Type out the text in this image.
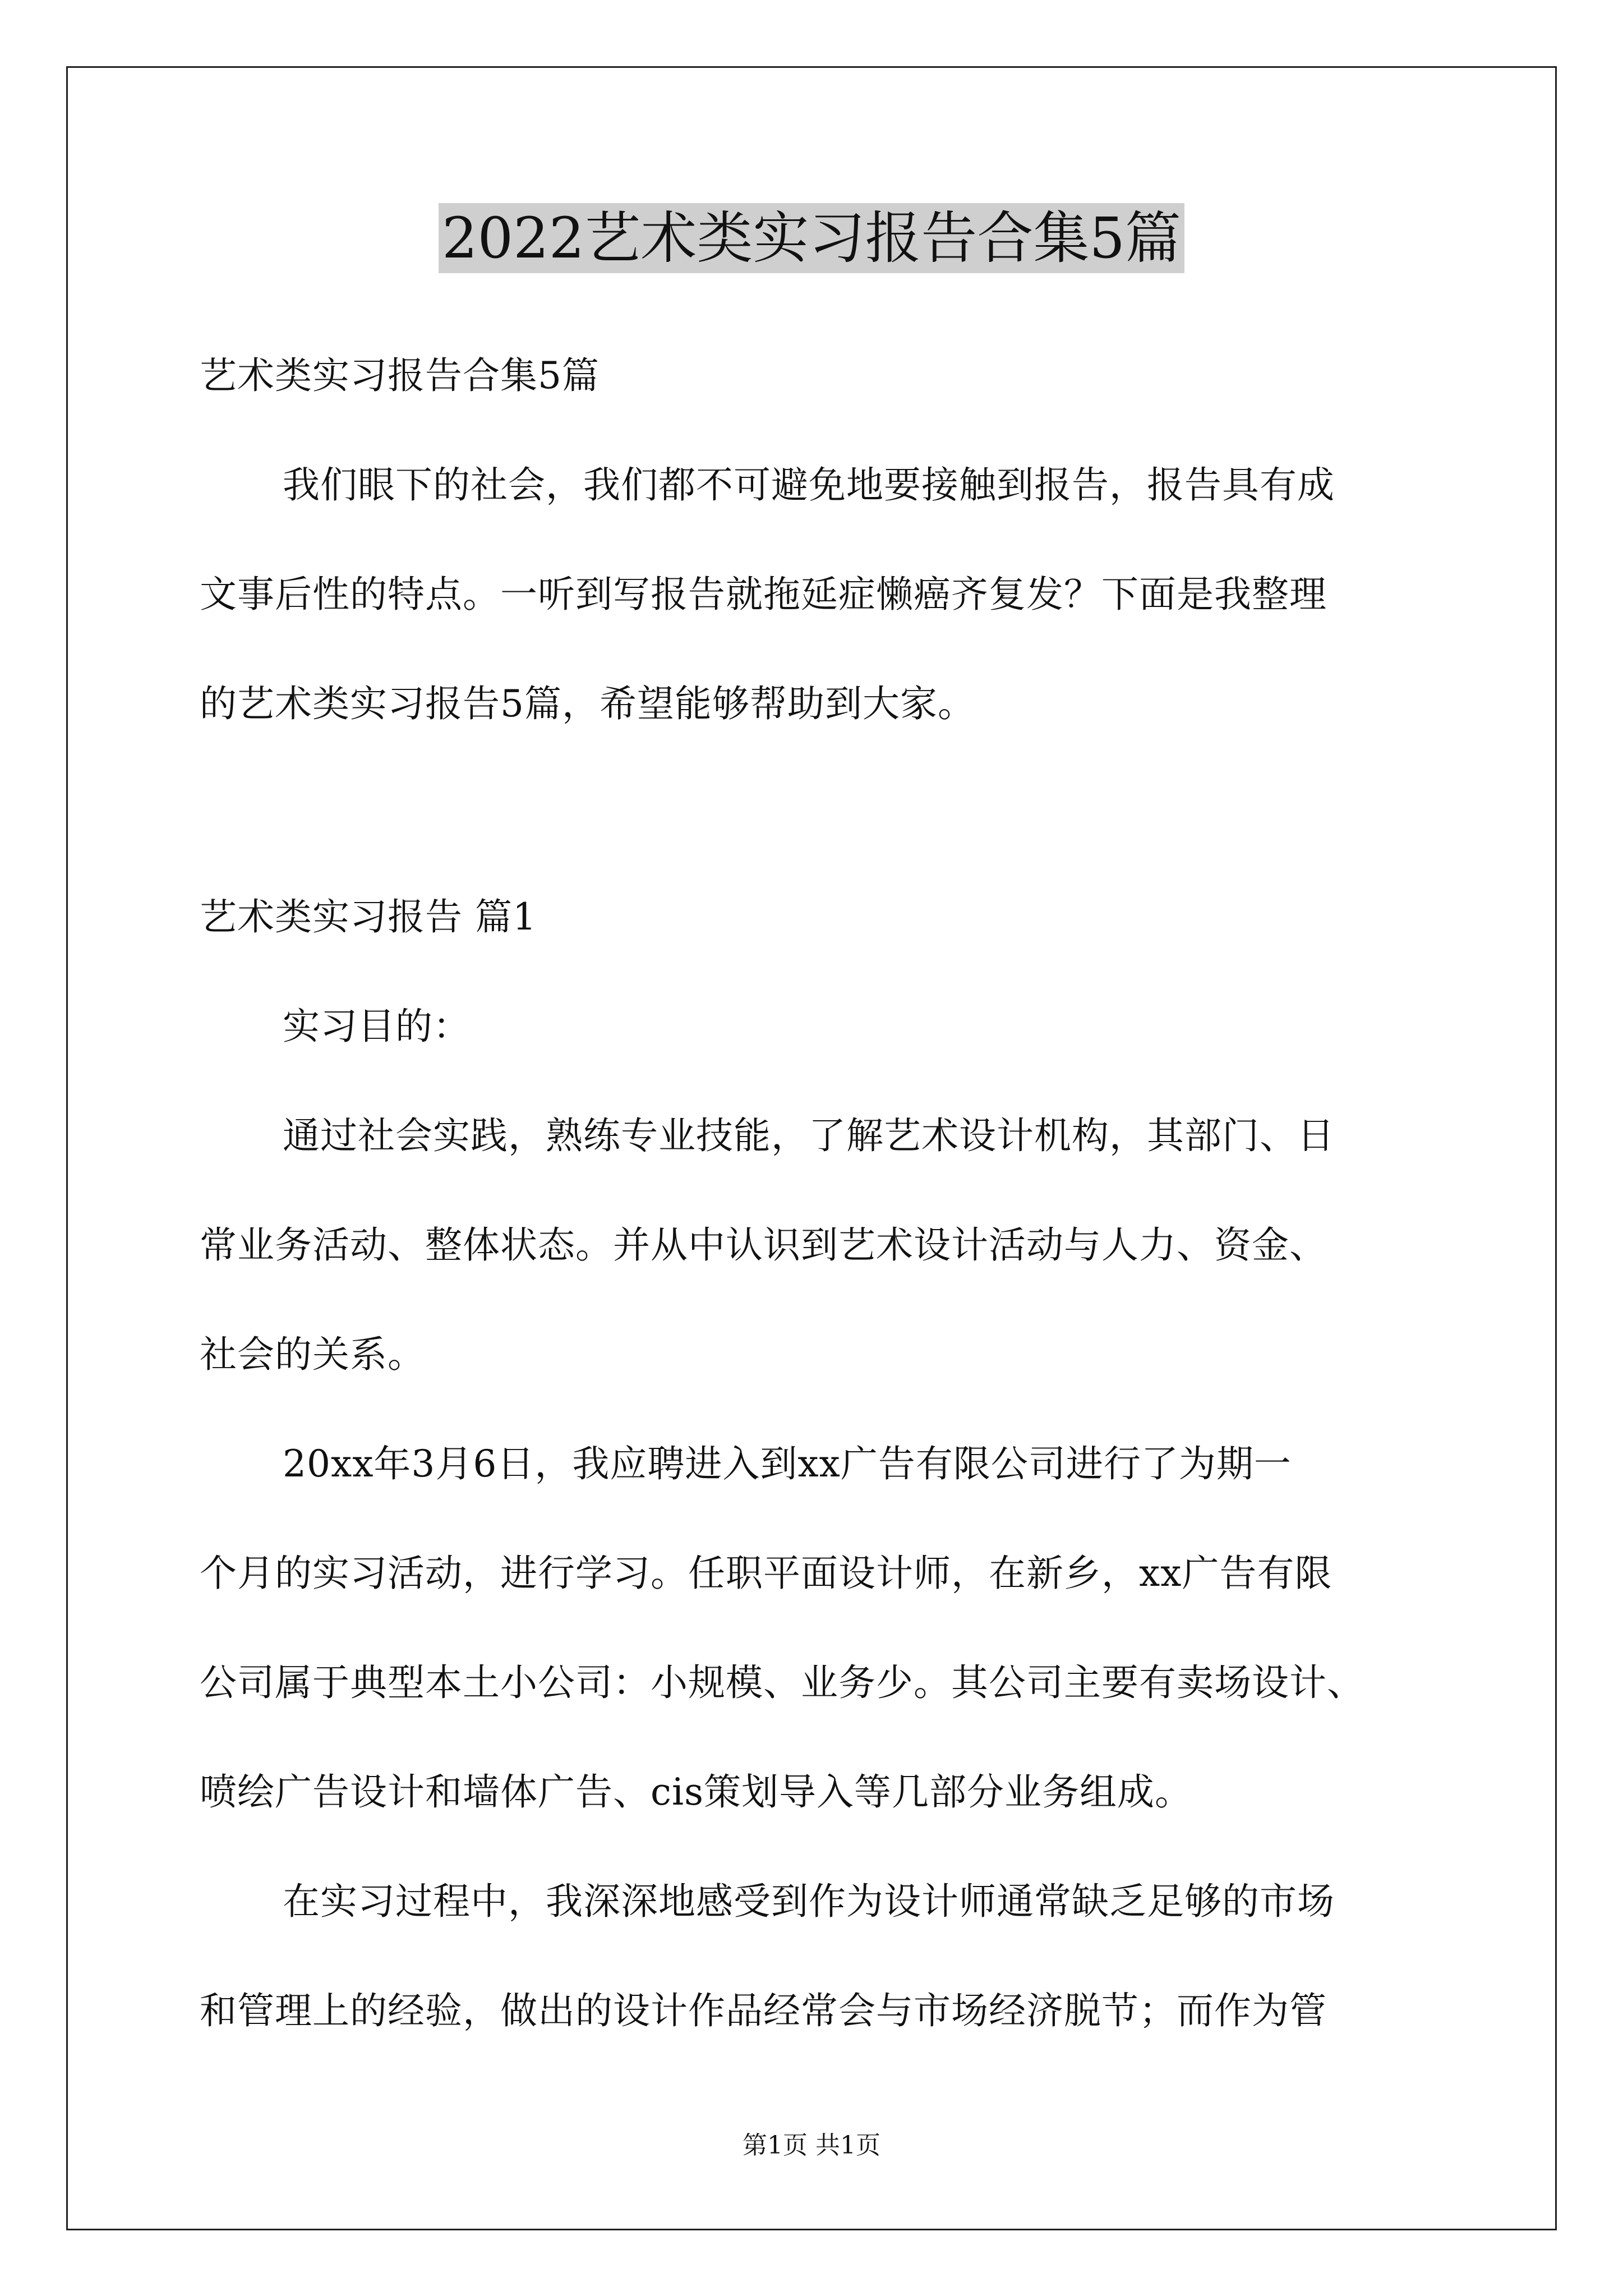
2022艺术类实习报告合集5篇
艺术类实习报告合集5篇
我们眼下的社会，我们都不可避免地要接触到报告，报告具有成
文事后性的特点。一听到写报告就拖延症懒癌齐复发？下面是我整理
的艺术类实习报告5篇，希望能够帮助到大家。
艺术类实习报告 篇1
实习目的：
通过社会实践，熟练专业技能，了解艺术设计机构，其部门、日
常业务活动、整体状态。并从中认识到艺术设计活动与人力、资金、
社会的关系。
20xx年3月6日，我应聘进入到xx广告有限公司进行了为期一
个月的实习活动，进行学习。任职平面设计师，在新乡，xx广告有限
公司属于典型本土小公司：小规模、业务少。其公司主要有卖场设计、
喷绘广告设计和墙体广告、cis策划导入等几部分业务组成。
在实习过程中，我深深地感受到作为设计师通常缺乏足够的市场
和管理上的经验，做出的设计作品经常会与市场经济脱节；而作为管
第1页 共1页
